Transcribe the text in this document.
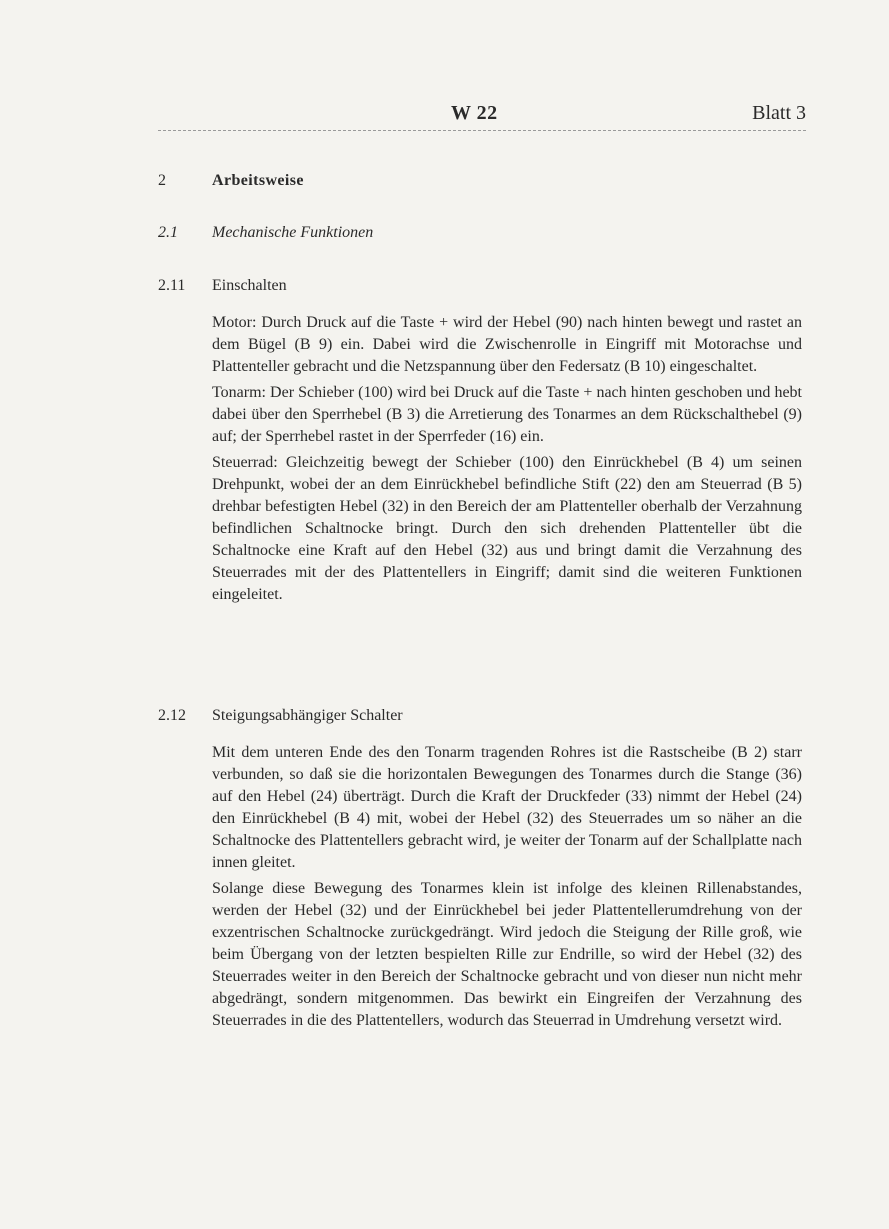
W 22	Blatt 3
2	Arbeitsweise
2.1 Mechanische Funktionen
2.11 Einschalten

Motor: Durch Druck auf die Taste + wird der Hebel (90) nach hinten bewegt und rastet an dem Bügel (B 9) ein. Dabei wird die Zwischenrolle in Eingriff mit Motorachse und Plattenteller gebracht und die Netzspannung über den Federsatz (B 10) eingeschaltet.

Tonarm: Der Schieber (100) wird bei Druck auf die Taste + nach hinten geschoben und hebt dabei über den Sperrhebel (B 3) die Arretierung des Tonarmes an dem Rückschalthebel (9) auf; der Sperrhebel rastet in der Sperrfeder (16) ein.

Steuerrad: Gleichzeitig bewegt der Schieber (100) den Einrückhebel (B 4) um seinen Drehpunkt, wobei der an dem Einrückhebel befindliche Stift (22) den am Steuerrad (B 5) drehbar befestigten Hebel (32) in den Bereich der am Plattenteller oberhalb der Verzahnung befindlichen Schaltnocke bringt. Durch den sich drehenden Plattenteller übt die Schaltnocke eine Kraft auf den Hebel (32) aus und bringt damit die Verzahnung des Steuerrades mit der des Plattentellers in Eingriff; damit sind die weiteren Funktionen eingeleitet.

2.12 Steigungsabhängiger Schalter

Mit dem unteren Ende des den Tonarm tragenden Rohres ist die Rastscheibe (B 2) starr verbunden, so daß sie die horizontalen Bewegungen des Tonarmes durch die Stange (36) auf den Hebel (24) überträgt. Durch die Kraft der Druckfeder (33) nimmt der Hebel (24) den Einrückhebel (B 4) mit, wobei der Hebel (32) des Steuerrades um so näher an die Schaltnocke des Plattentellers gebracht wird, je weiter der Tonarm auf der Schallplatte nach innen gleitet.

Solange diese Bewegung des Tonarmes klein ist infolge des kleinen Rillenabstandes, werden der Hebel (32) und der Einrückhebel bei jeder Plattentellerumdrehung von der exzentrischen Schaltnocke zurückgedrängt. Wird jedoch die Steigung der Rille groß, wie beim Übergang von der letzten bespielten Rille zur Endrille, so wird der Hebel (32) des Steuerrades weiter in den Bereich der Schaltnocke gebracht und von dieser nun nicht mehr abgedrängt, sondern mitgenommen. Das bewirkt ein Eingreifen der Verzahnung des Steuerrades in die des Plattentellers, wodurch das Steuerrad in Umdrehung versetzt wird.
